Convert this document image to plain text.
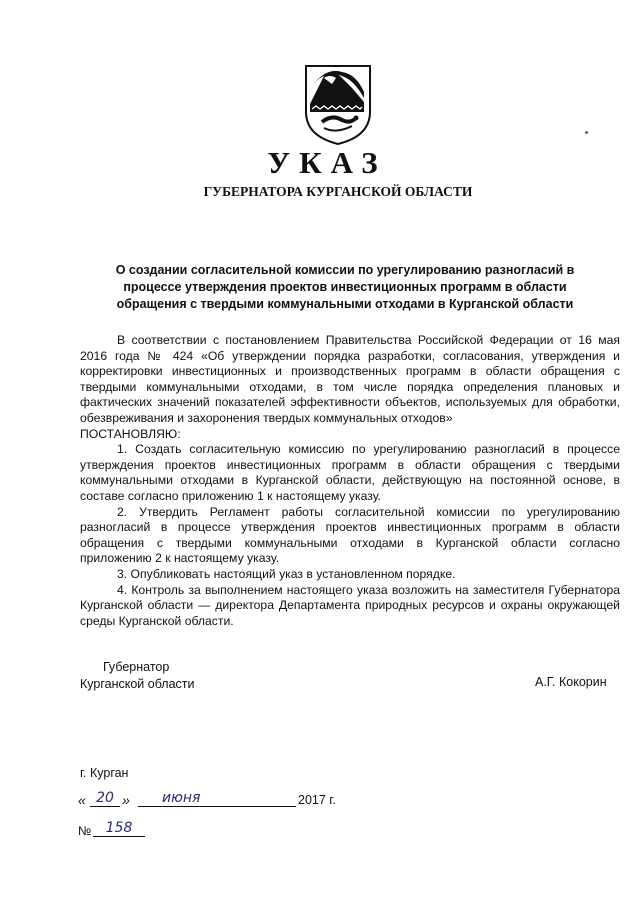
УКАЗ
ГУБЕРНАТОРА КУРГАНСКОЙ ОБЛАСТИ
О создании согласительной комиссии по урегулированию разногласий в
процессе утверждения проектов инвестиционных программ в области
обращения с твердыми коммунальными отходами в Курганской области

В соответствии с постановлением Правительства Российской Федерации от 16 мая 2016 года № 424 «Об утверждении порядка разработки, согласования, утверждения и корректировки инвестиционных и производственных программ в области обращения с твердыми коммунальными отходами, в том числе порядка определения плановых и фактических значений показателей эффективности объектов, используемых для обработки, обезвреживания и захоронения твердых коммунальных отходов»

ПОСТАНОВЛЯЮ:

1. Создать согласительную комиссию по урегулированию разногласий в процессе утверждения проектов инвестиционных программ в области обращения с твердыми коммунальными отходами в Курганской области, действующую на постоянной основе, в составе согласно приложению 1 к настоящему указу.

2. Утвердить Регламент работы согласительной комиссии по урегулированию разногласий в процессе утверждения проектов инвестиционных программ в области обращения с твердыми коммунальными отходами в Курганской области согласно приложению 2 к настоящему указу.

3. Опубликовать настоящий указ в установленном порядке.

4. Контроль за выполнением настоящего указа возложить на заместителя Губернатора Курганской области — директора Департамента природных ресурсов и охраны окружающей среды Курганской области.

Губернатор
Курганской области	А.Г. Кокорин
г. Курган
« 20 »	июня	2017 г.
№	158
